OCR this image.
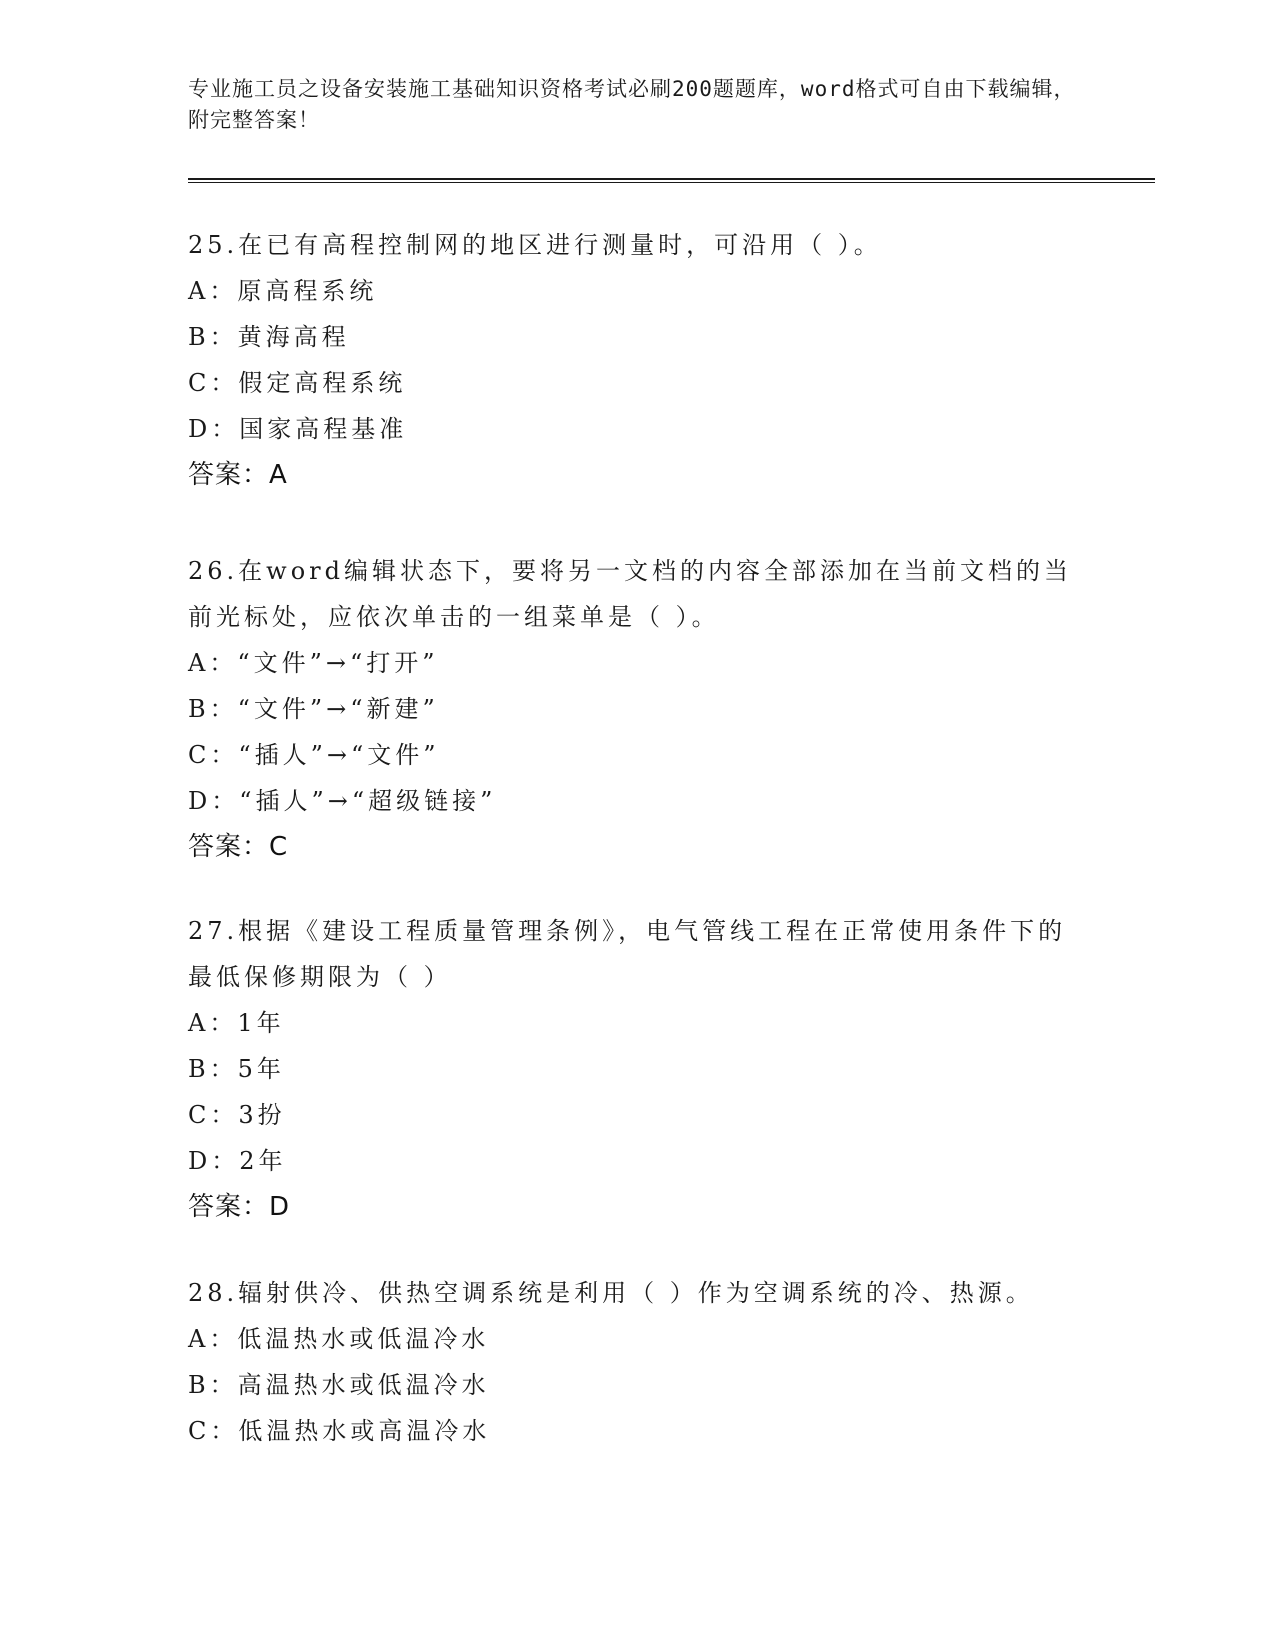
专业施工员之设备安装施工基础知识资格考试必刷200题题库，word格式可自由下载编辑，附完整答案！

25.在已有高程控制网的地区进行测量时，可沿用（ ）。

A：原高程系统

B：黄海高程

C：假定高程系统

D：国家高程基准

答案：A

26.在word编辑状态下，要将另一文档的内容全部添加在当前文档的当前光标处，应依次单击的一组菜单是（ ）。

A：“文件”→“打开”

B：“文件”→“新建”

C：“插人”→“文件”

D：“插人”→“超级链接”

答案：C

27.根据《建设工程质量管理条例》，电气管线工程在正常使用条件下的最低保修期限为（ ）

A：1年

B：5年

C：3扮

D：2年

答案：D

28.辐射供冷、供热空调系统是利用（ ）作为空调系统的冷、热源。

A：低温热水或低温冷水

B：高温热水或低温冷水

C：低温热水或高温冷水
